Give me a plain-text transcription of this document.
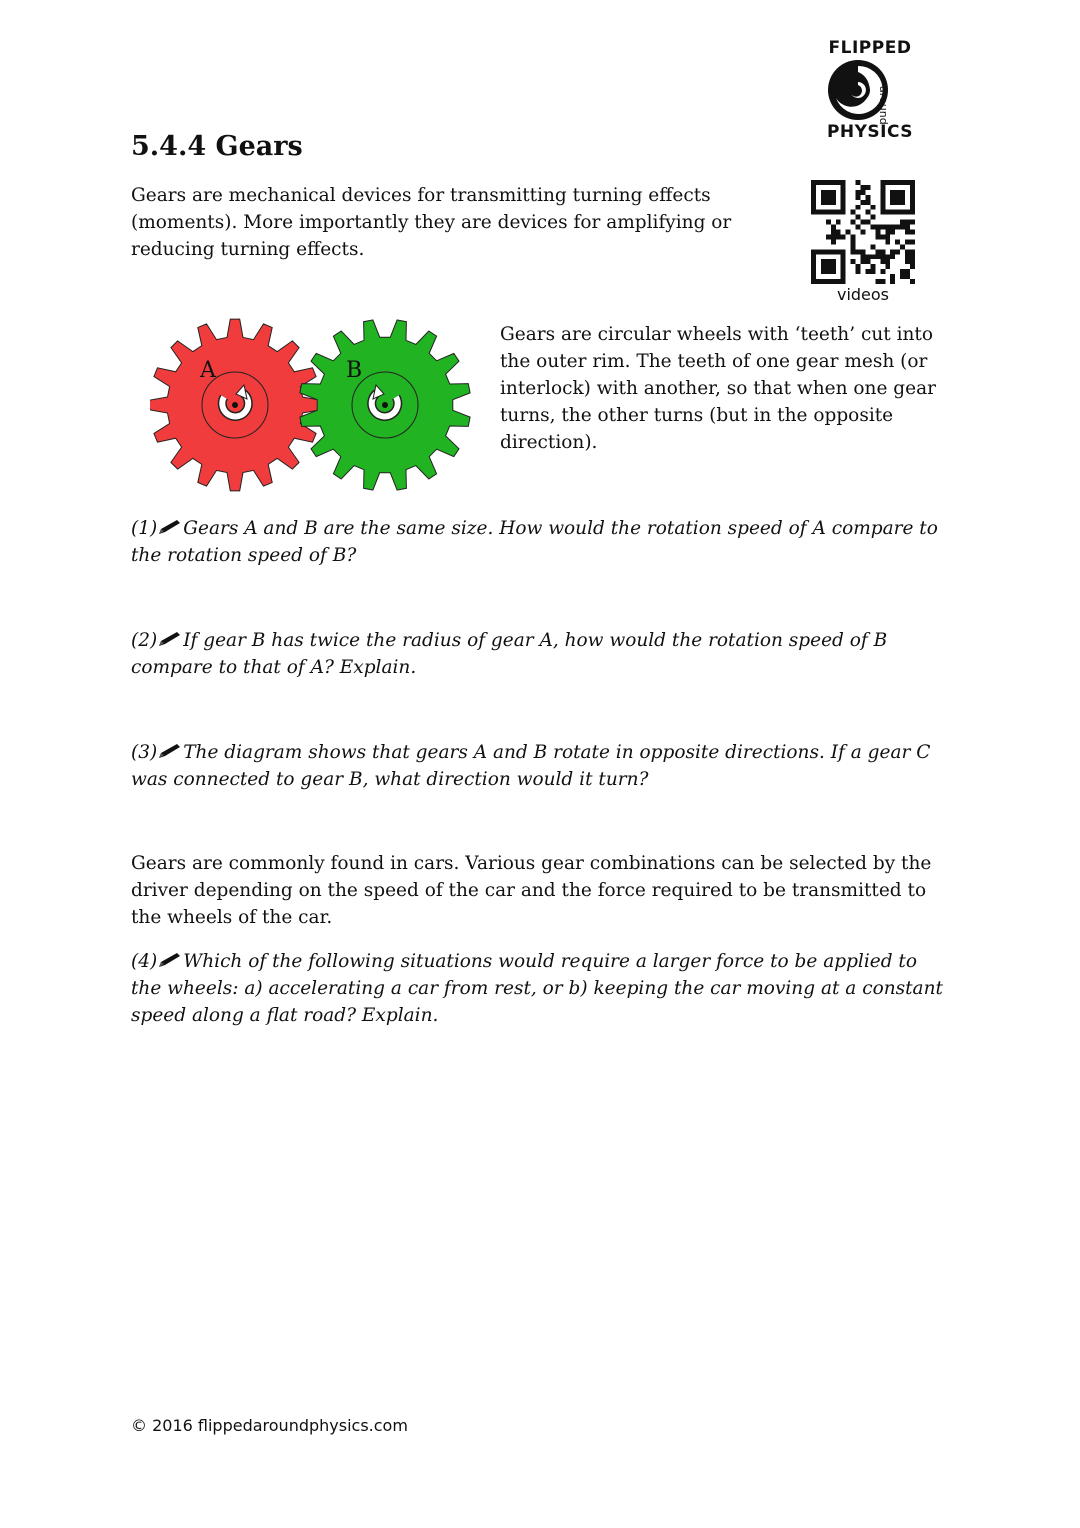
FLIPPED
around
PHYSICS
videos
5.4.4 Gears
Gears are mechanical devices for transmitting turning effects (moments). More importantly they are devices for amplifying or reducing turning effects.
A	B
Gears are circular wheels with ‘teeth’ cut into the outer rim. The teeth of one gear mesh (or interlock) with another, so that when one gear turns, the other turns (but in the opposite direction).
(1) Gears A and B are the same size. How would the rotation speed of A compare to the rotation speed of B?
(2) If gear B has twice the radius of gear A, how would the rotation speed of B compare to that of A? Explain.
(3) The diagram shows that gears A and B rotate in opposite directions. If a gear C was connected to gear B, what direction would it turn?
Gears are commonly found in cars. Various gear combinations can be selected by the driver depending on the speed of the car and the force required to be transmitted to the wheels of the car.
(4) Which of the following situations would require a larger force to be applied to the wheels: a) accelerating a car from rest, or b) keeping the car moving at a constant speed along a flat road? Explain.
© 2016 flippedaroundphysics.com
